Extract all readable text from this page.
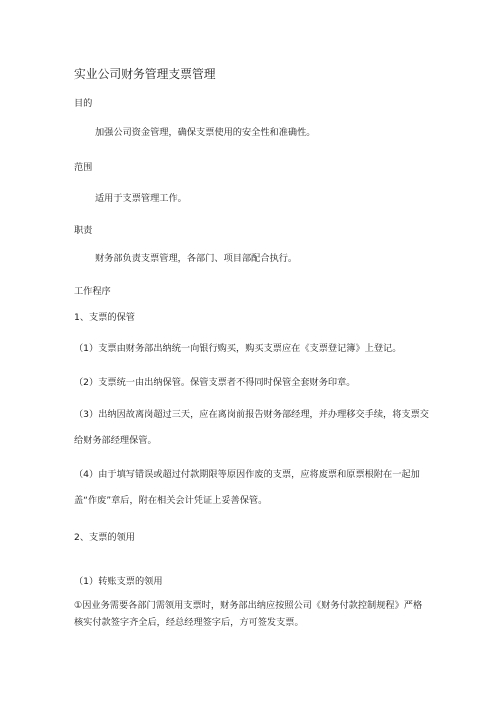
实业公司财务管理支票管理

目的

加强公司资金管理，确保支票使用的安全性和准确性。

范围

适用于支票管理工作。

职责

财务部负责支票管理，各部门、项目部配合执行。

工作程序

1、支票的保管

（1）支票由财务部出纳统一向银行购买，购买支票应在《支票登记簿》上登记。

（2）支票统一由出纳保管。保管支票者不得同时保管全套财务印章。

（3）出纳因故离岗超过三天，应在离岗前报告财务部经理，并办理移交手续，将支票交给财务部经理保管。

（4）由于填写错误或超过付款期限等原因作废的支票，应将废票和原票根附在一起加盖“作废”章后，附在相关会计凭证上妥善保管。

2、支票的领用

（1）转账支票的领用

①因业务需要各部门需领用支票时，财务部出纳应按照公司《财务付款控制规程》严格核实付款签字齐全后，经总经理签字后，方可签发支票。
